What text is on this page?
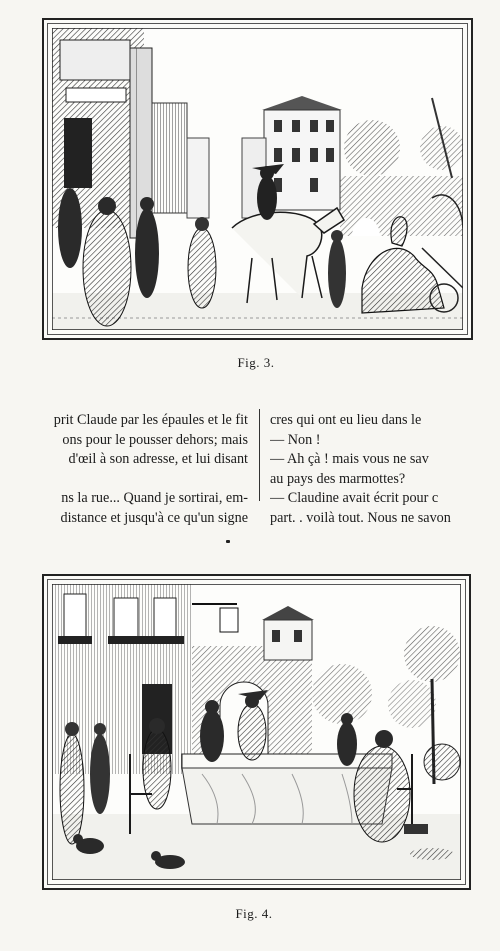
Fig. 3.
prit Claude par les épaules et le fit
ons pour le pousser dehors; mais
d'œil à son adresse, et lui disant
ns la rue... Quand je sortirai, em-
distance et jusqu'à ce qu'un signe
cres qui ont eu lieu dans le
— Non !
— Ah çà ! mais vous ne sav
au pays des marmottes?
— Claudine avait écrit pour c
part. . voilà tout. Nous ne savon
Fig. 4.
